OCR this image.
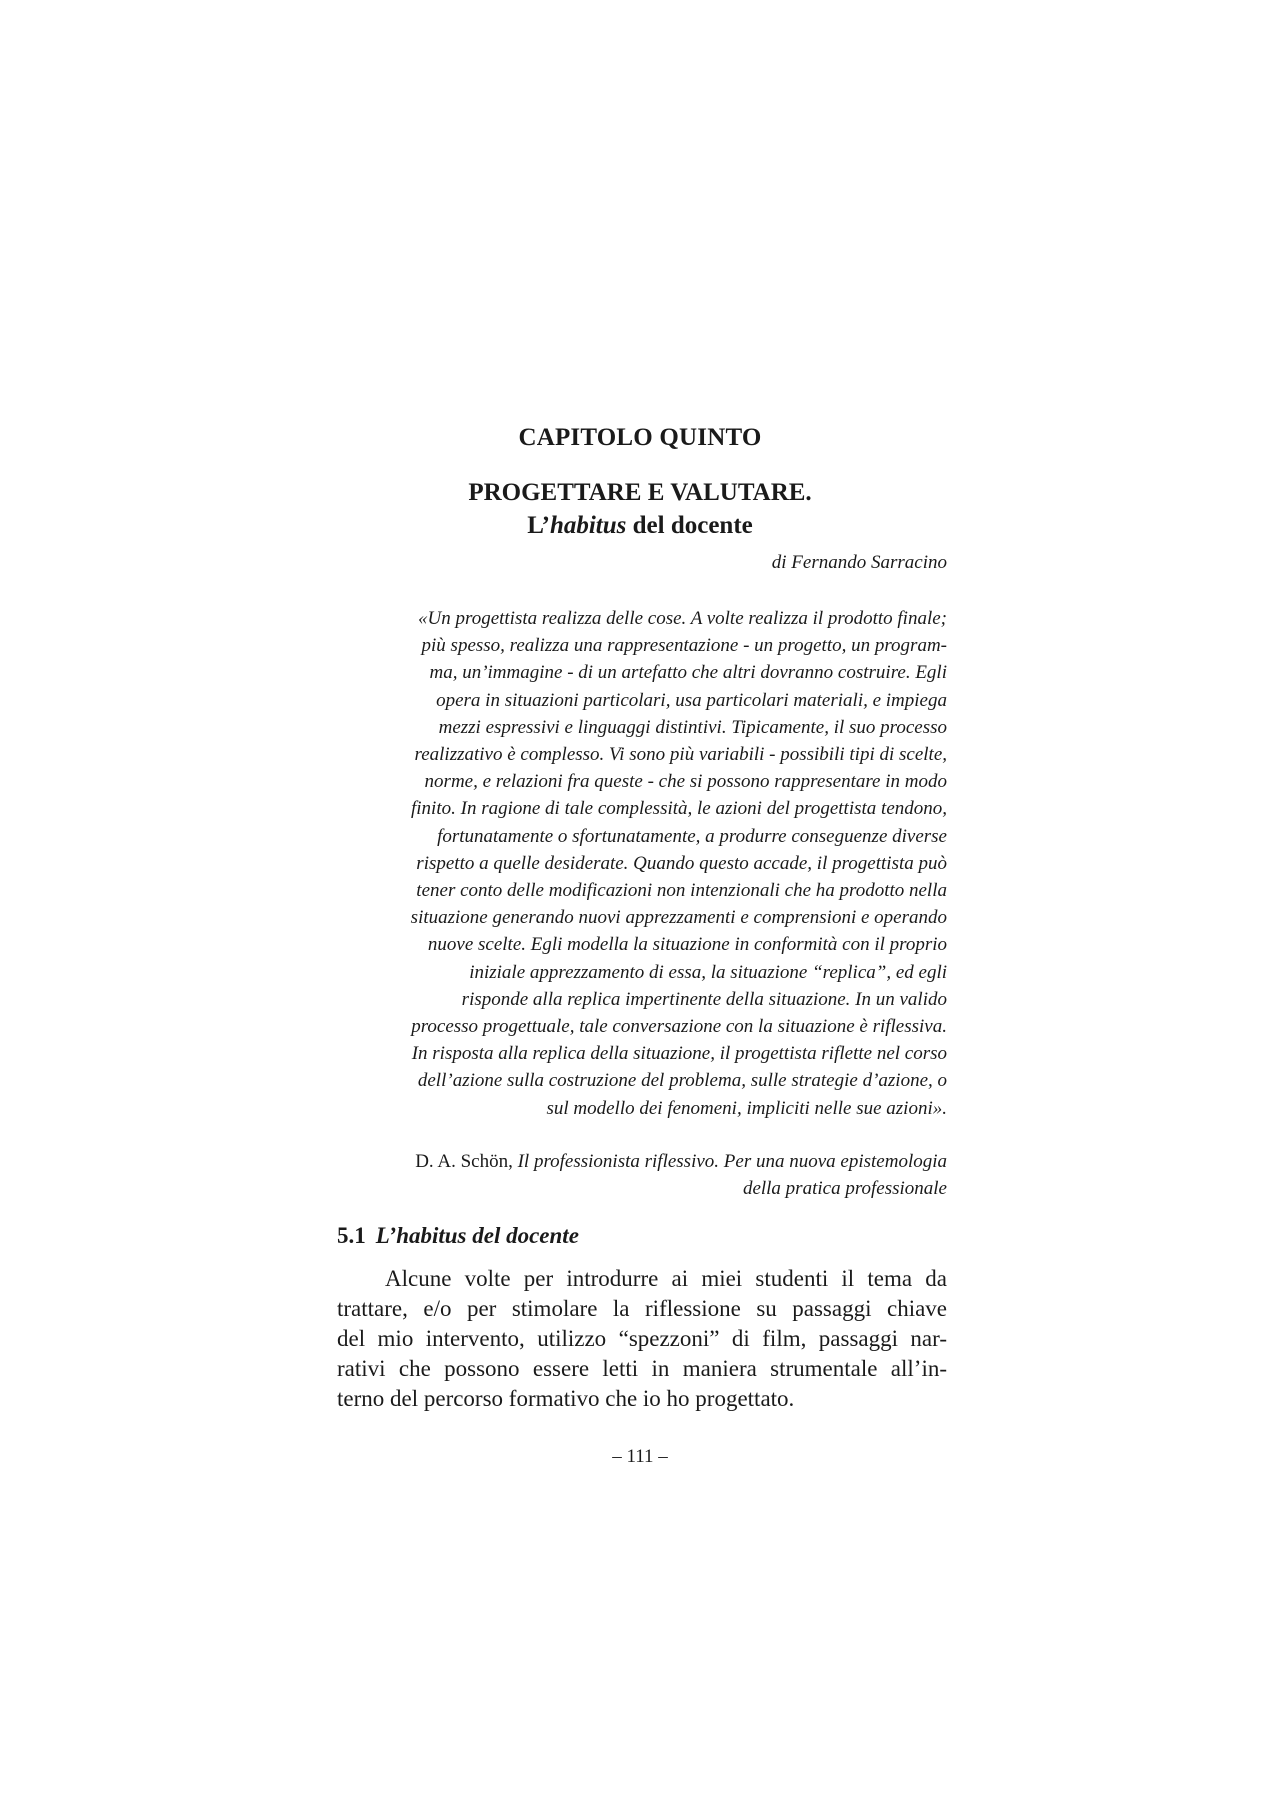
CAPITOLO QUINTO
PROGETTARE E VALUTARE.
L’habitus del docente
di Fernando Sarracino
«Un progettista realizza delle cose. A volte realizza il prodotto finale;
più spesso, realizza una rappresentazione - un progetto, un program-
ma, un’immagine - di un artefatto che altri dovranno costruire. Egli
opera in situazioni particolari, usa particolari materiali, e impiega
mezzi espressivi e linguaggi distintivi. Tipicamente, il suo processo
realizzativo è complesso. Vi sono più variabili - possibili tipi di scelte,
norme, e relazioni fra queste - che si possono rappresentare in modo
finito. In ragione di tale complessità, le azioni del progettista tendono,
fortunatamente o sfortunatamente, a produrre conseguenze diverse
rispetto a quelle desiderate. Quando questo accade, il progettista può
tener conto delle modificazioni non intenzionali che ha prodotto nella
situazione generando nuovi apprezzamenti e comprensioni e operando
nuove scelte. Egli modella la situazione in conformità con il proprio
iniziale apprezzamento di essa, la situazione “replica”, ed egli
risponde alla replica impertinente della situazione. In un valido
processo progettuale, tale conversazione con la situazione è riflessiva.
In risposta alla replica della situazione, il progettista riflette nel corso
dell’azione sulla costruzione del problema, sulle strategie d’azione, o
sul modello dei fenomeni, impliciti nelle sue azioni».
D. A. Schön, Il professionista riflessivo. Per una nuova epistemologia
della pratica professionale
5.1 L’habitus del docente
Alcune volte per introdurre ai miei studenti il tema da
trattare, e/o per stimolare la riflessione su passaggi chiave
del mio intervento, utilizzo “spezzoni” di film, passaggi nar-
rativi che possono essere letti in maniera strumentale all’in-
terno del percorso formativo che io ho progettato.
– 111 –
